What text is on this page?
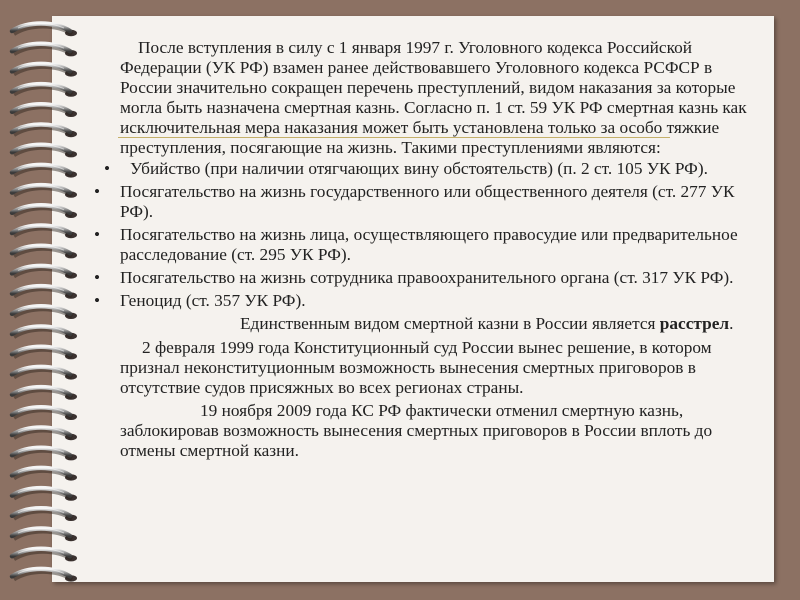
После вступления в силу с 1 января 1997 г. Уголовного кодекса Российской Федерации (УК РФ) взамен ранее действовавшего Уголовного кодекса РСФСР в России значительно сокращен перечень преступлений, видом наказания за которые могла быть назначена смертная казнь. Согласно п. 1 ст. 59 УК РФ смертная казнь как исключительная мера наказания может быть установлена только за особо тяжкие преступления, посягающие на жизнь. Такими преступлениями являются:

• Убийство (при наличии отягчающих вину обстоятельств) (п. 2 ст. 105 УК РФ).
• Посягательство на жизнь государственного или общественного деятеля (ст. 277 УК РФ).
• Посягательство на жизнь лица, осуществляющего правосудие или предварительное расследование (ст. 295 УК РФ).
• Посягательство на жизнь сотрудника правоохранительного органа (ст. 317 УК РФ).
• Геноцид (ст. 357 УК РФ).

Единственным видом смертной казни в России является расстрел.

2 февраля 1999 года Конституционный суд России вынес решение, в котором признал неконституционным возможность вынесения смертных приговоров в отсутствие судов присяжных во всех регионах страны.

19 ноября 2009 года КС РФ фактически отменил смертную казнь, заблокировав возможность вынесения смертных приговоров в России вплоть до отмены смертной казни.
